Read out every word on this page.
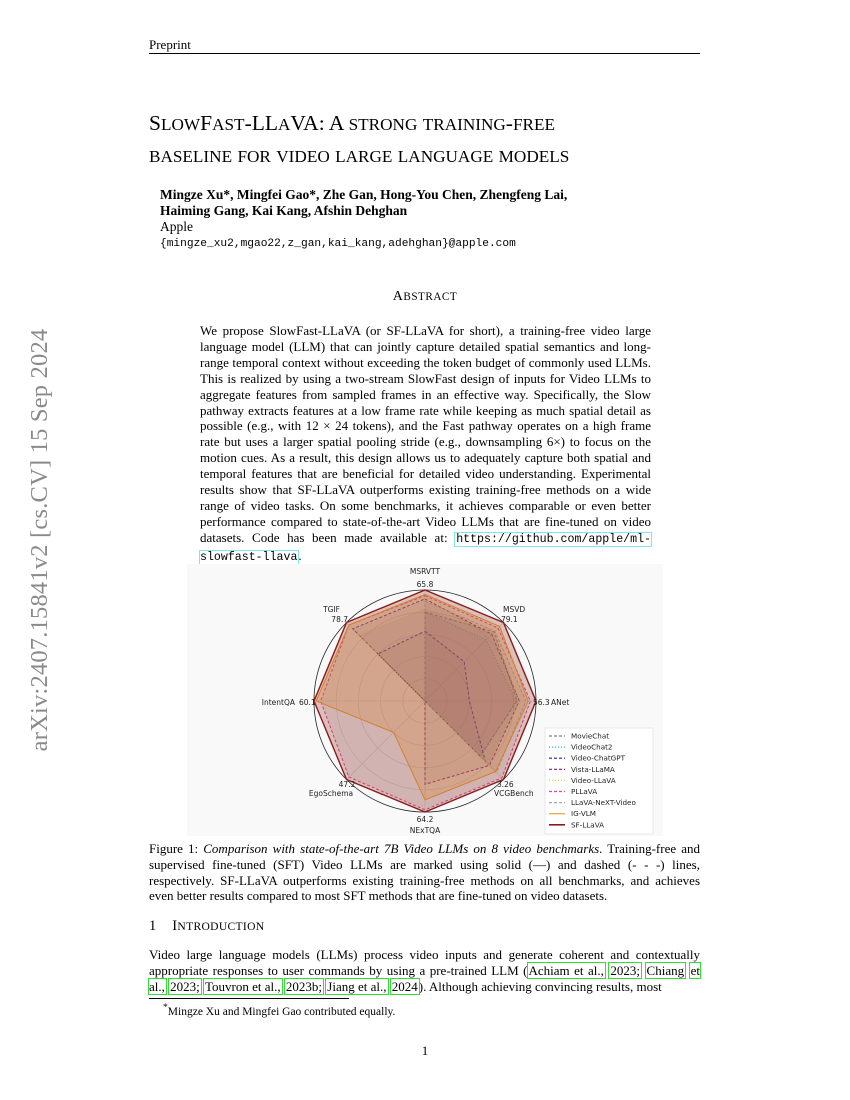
Preprint
arXiv:2407.15841v2 [cs.CV] 15 Sep 2024
SLOWFAST-LLAVA: A STRONG TRAINING-FREE
BASELINE FOR VIDEO LARGE LANGUAGE MODELS
Mingze Xu*, Mingfei Gao*, Zhe Gan, Hong-You Chen, Zhengfeng Lai,
Haiming Gang, Kai Kang, Afshin Dehghan
Apple
{mingze_xu2,mgao22,z_gan,kai_kang,adehghan}@apple.com
ABSTRACT
We propose SlowFast-LLaVA (or SF-LLaVA for short), a training-free video large language model (LLM) that can jointly capture detailed spatial semantics and long-range temporal context without exceeding the token budget of commonly used LLMs. This is realized by using a two-stream SlowFast design of inputs for Video LLMs to aggregate features from sampled frames in an effective way. Specifically, the Slow pathway extracts features at a low frame rate while keeping as much spatial detail as possible (e.g., with 12 × 24 tokens), and the Fast pathway operates on a high frame rate but uses a larger spatial pooling stride (e.g., downsampling 6×) to focus on the motion cues. As a result, this design allows us to adequately capture both spatial and temporal features that are beneficial for detailed video understanding. Experimental results show that SF-LLaVA outperforms existing training-free methods on a wide range of video tasks. On some benchmarks, it achieves comparable or even better performance compared to state-of-the-art Video LLMs that are fine-tuned on video datasets. Code has been made available at: https://github.com/apple/ml-slowfast-llava.
MSRVTT
65.8
MSVD
79.1
ANet
56.3
VCGBench
3.26
NExTQA
64.2
EgoSchema
47.2
IntentQA 60.1
TGIF
78.7
MovieChat
VideoChat2
Video-ChatGPT
Vista-LLaMA
Video-LLaVA
PLLaVA
LLaVA-NeXT-Video
IG-VLM
SF-LLaVA
Figure 1: Comparison with state-of-the-art 7B Video LLMs on 8 video benchmarks. Training-free and supervised fine-tuned (SFT) Video LLMs are marked using solid (—) and dashed (- - -) lines, respectively. SF-LLaVA outperforms existing training-free methods on all benchmarks, and achieves even better results compared to most SFT methods that are fine-tuned on video datasets.
1 INTRODUCTION
Video large language models (LLMs) process video inputs and generate coherent and contextually appropriate responses to user commands by using a pre-trained LLM (Achiam et al., 2023; Chiang et al., 2023; Touvron et al., 2023b; Jiang et al., 2024). Although achieving convincing results, most
*Mingze Xu and Mingfei Gao contributed equally.
1
